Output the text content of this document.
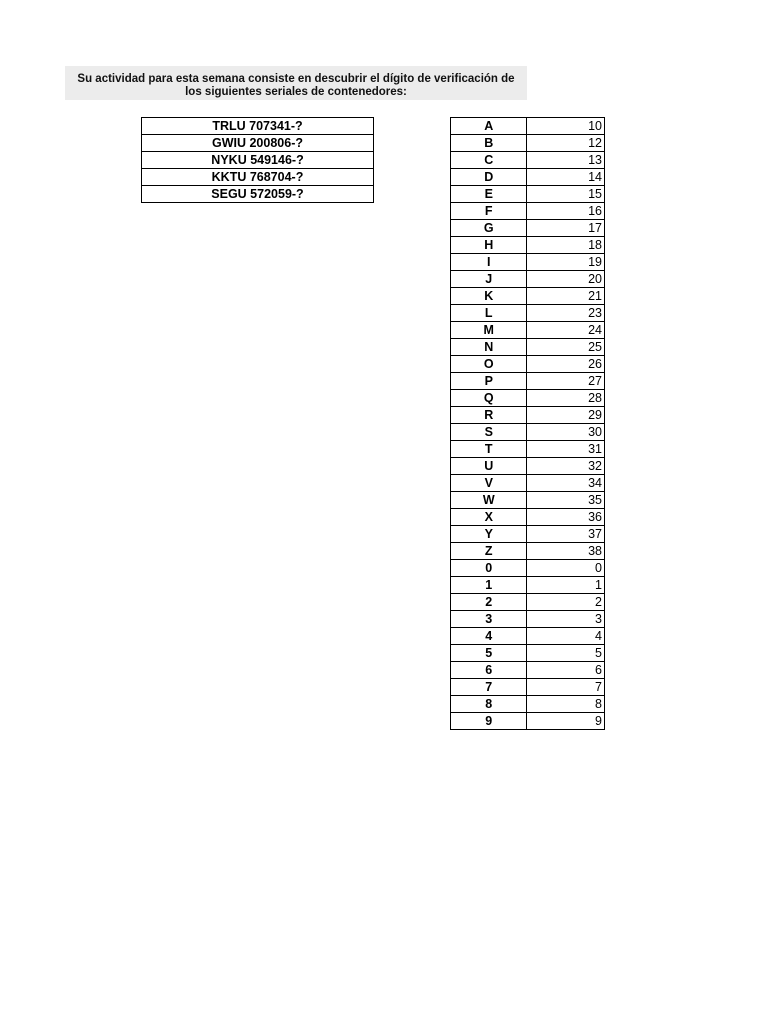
Su actividad para esta semana consiste en descubrir el dígito de verificación de
los siguientes seriales de contenedores:
TRLU 707341-?
GWIU 200806-?
NYKU 549146-?
KKTU 768704-?
SEGU 572059-?
A	10
B	12
C	13
D	14
E	15
F	16
G	17
H	18
I	19
J	20
K	21
L	23
M	24
N	25
O	26
P	27
Q	28
R	29
S	30
T	31
U	32
V	34
W	35
X	36
Y	37
Z	38
0	0
1	1
2	2
3	3
4	4
5	5
6	6
7	7
8	8
9	9
